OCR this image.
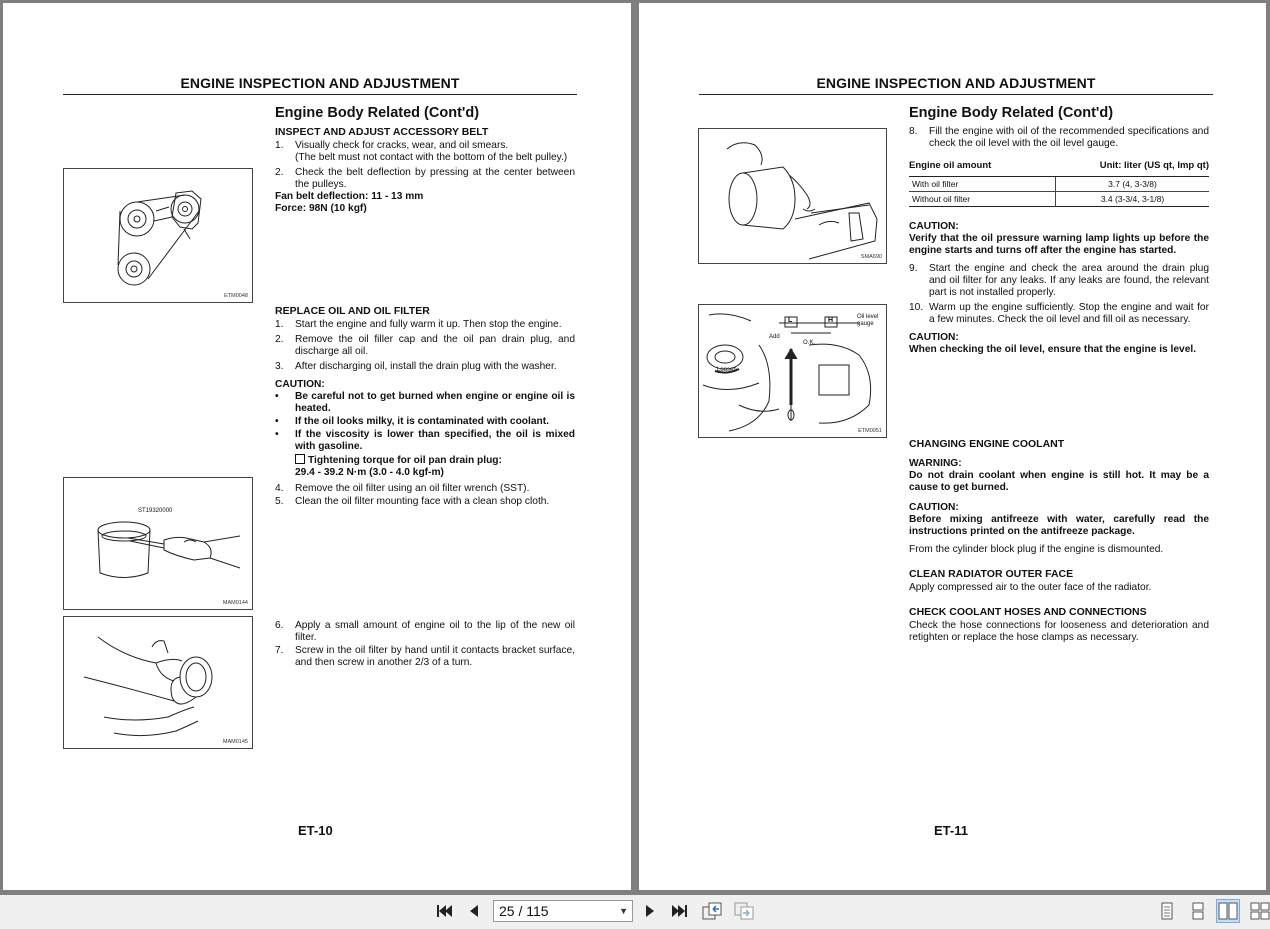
ENGINE INSPECTION AND ADJUSTMENT
ETM0048
ST19320000
MAM0144
MAM0145
Engine Body Related (Cont'd)
INSPECT AND ADJUST ACCESSORY BELT
1.	Visually check for cracks, wear, and oil smears.
(The belt must not contact with the bottom of the belt pulley.)
2.	Check the belt deflection by pressing at the center between the pulleys.
Fan belt deflection: 11 - 13 mm
Force: 98N (10 kgf)
REPLACE OIL AND OIL FILTER
1.	Start the engine and fully warm it up. Then stop the engine.
2.	Remove the oil filler cap and the oil pan drain plug, and discharge all oil.
3.	After discharging oil, install the drain plug with the washer.
CAUTION:
•	Be careful not to get burned when engine or engine oil is heated.
•	If the oil looks milky, it is contaminated with coolant.
•	If the viscosity is lower than specified, the oil is mixed with gasoline.
Tightening torque for oil pan drain plug:
29.4 - 39.2 N·m (3.0 - 4.0 kgf-m)
4.	Remove the oil filter using an oil filter wrench (SST).
5.	Clean the oil filter mounting face with a clean shop cloth.
6.	Apply a small amount of engine oil to the lip of the new oil filter.
7.	Screw in the oil filter by hand until it contacts bracket surface, and then screw in another 2/3 of a turn.
ET-10
ENGINE INSPECTION AND ADJUSTMENT
SMA690
L	H	Oil level gauge
Add
O.K.
Loosen
ETM0051
Engine Body Related (Cont'd)
8.	Fill the engine with oil of the recommended specifications and check the oil level with the oil level gauge.
Engine oil amount	Unit: liter (US qt, Imp qt)
With oil filter	3.7 (4, 3-3/8)
Without oil filter	3.4 (3-3/4, 3-1/8)
CAUTION:
Verify that the oil pressure warning lamp lights up before the engine starts and turns off after the engine has started.
9.	Start the engine and check the area around the drain plug and oil filter for any leaks. If any leaks are found, the relevant part is not installed properly.
10. Warm up the engine sufficiently. Stop the engine and wait for a few minutes. Check the oil level and fill oil as necessary.
CAUTION:
When checking the oil level, ensure that the engine is level.
CHANGING ENGINE COOLANT
WARNING:
Do not drain coolant when engine is still hot. It may be a cause to get burned.
CAUTION:
Before mixing antifreeze with water, carefully read the instructions printed on the antifreeze package.
From the cylinder block plug if the engine is dismounted.
CLEAN RADIATOR OUTER FACE
Apply compressed air to the outer face of the radiator.
CHECK COOLANT HOSES AND CONNECTIONS
Check the hose connections for looseness and deterioration and retighten or replace the hose clamps as necessary.
ET-11
25 / 115	▼
